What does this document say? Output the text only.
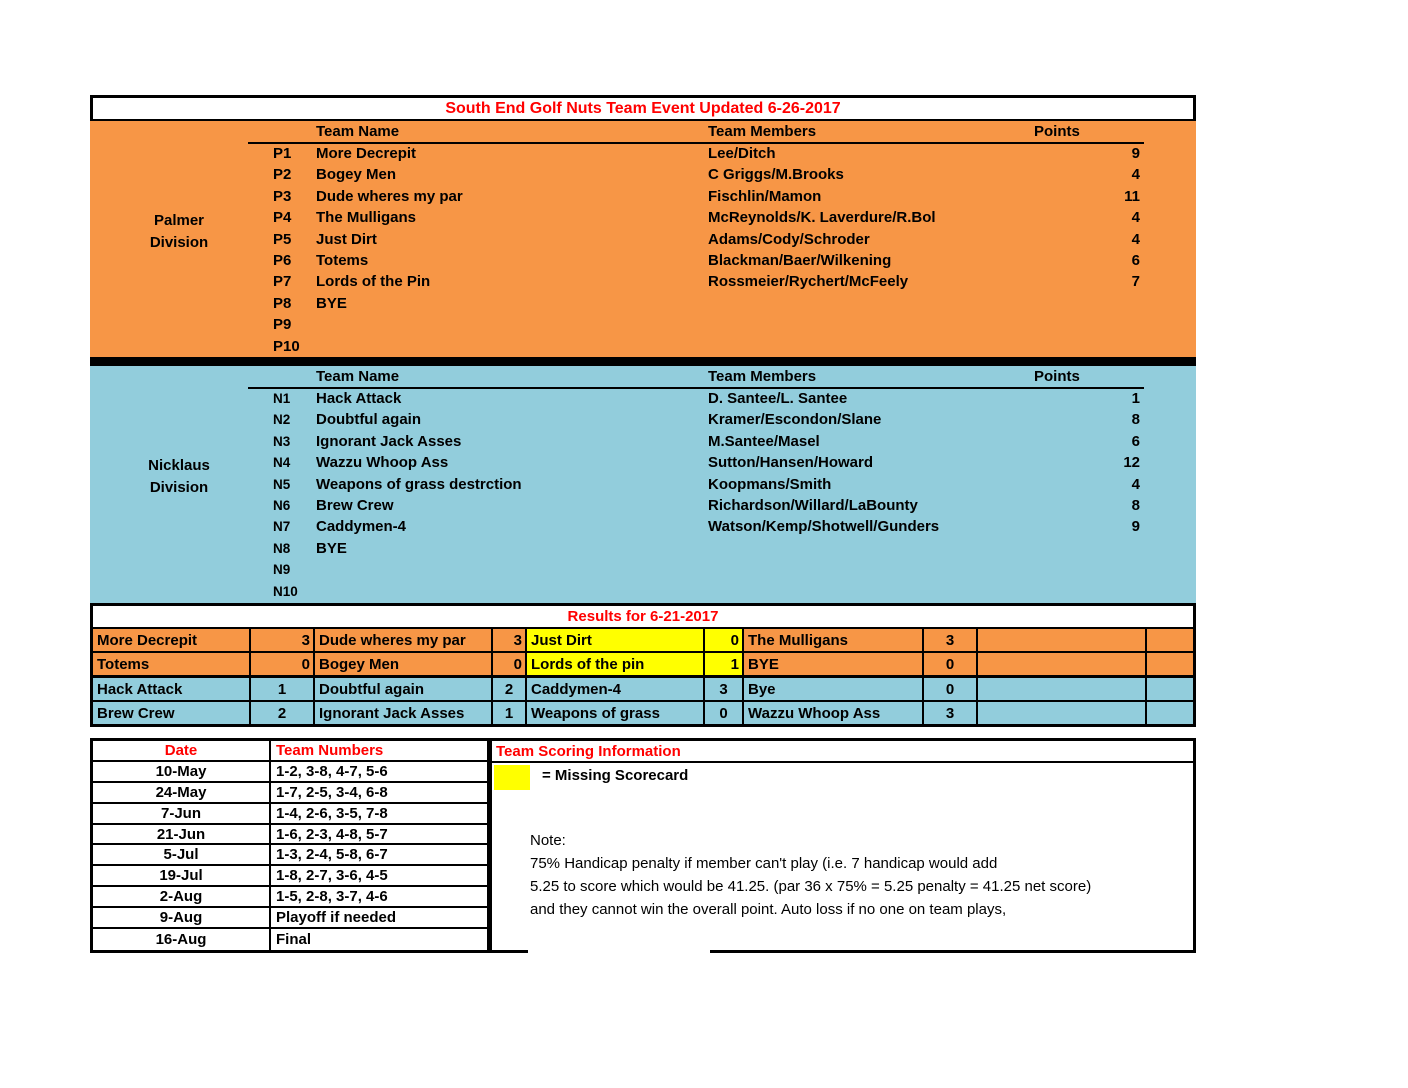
South End Golf Nuts Team Event Updated 6-26-2017
Palmer
Division
Team Name	Team Members	Points
P1 More Decrepit	Lee/Ditch	9
P2 Bogey Men	C Griggs/M.Brooks	4
P3 Dude wheres my par	Fischlin/Mamon	11
P4 The Mulligans	McReynolds/K. Laverdure/R.Bol	4
P5 Just Dirt	Adams/Cody/Schroder	4
P6 Totems	Blackman/Baer/Wilkening	6
P7 Lords of the Pin	Rossmeier/Rychert/McFeely	7
P8 BYE
P9
P10
Nicklaus
Division
Team Name	Team Members	Points
N1 Hack Attack	D. Santee/L. Santee	1
N2 Doubtful again	Kramer/Escondon/Slane	8
N3 Ignorant Jack Asses	M.Santee/Masel	6
N4 Wazzu Whoop Ass	Sutton/Hansen/Howard	12
N5 Weapons of grass destrction	Koopmans/Smith	4
N6 Brew Crew	Richardson/Willard/LaBounty	8
N7 Caddymen-4	Watson/Kemp/Shotwell/Gunders	9
N8 BYE
N9
N10
Results for 6-21-2017
More Decrepit	3 Dude wheres my par	3 Just Dirt	0 The Mulligans	3
Totems	0 Bogey Men	0 Lords of the pin	1 BYE	0
Hack Attack	1	Doubtful again	2	Caddymen-4	3	Bye	0
Brew Crew	2	Ignorant Jack Asses	1	Weapons of grass	0	Wazzu Whoop Ass	3
Date	Team Numbers
10-May	1-2, 3-8, 4-7, 5-6
24-May	1-7, 2-5, 3-4, 6-8
7-Jun	1-4, 2-6, 3-5, 7-8
21-Jun	1-6, 2-3, 4-8, 5-7
5-Jul	1-3, 2-4, 5-8, 6-7
19-Jul	1-8, 2-7, 3-6, 4-5
2-Aug	1-5, 2-8, 3-7, 4-6
9-Aug	Playoff if needed
16-Aug	Final
Team Scoring Information
= Missing Scorecard
Note:
75% Handicap penalty if member can't play (i.e. 7 handicap would add
5.25 to score which would be 41.25. (par 36 x 75% = 5.25 penalty = 41.25 net score)
and they cannot win the overall point. Auto loss if no one on team plays,
